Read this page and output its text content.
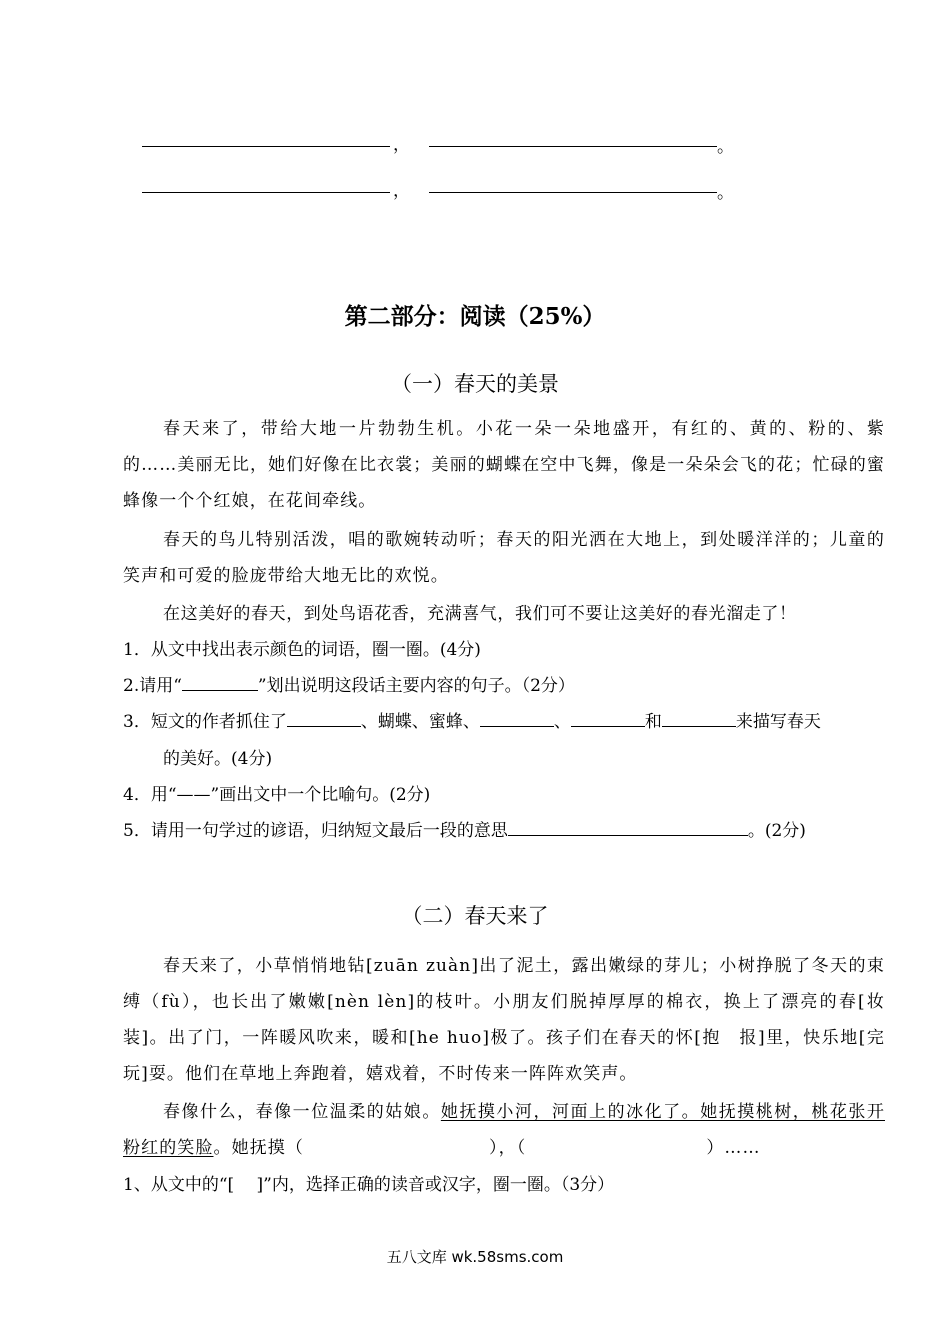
，	。
，	。
第二部分：阅读（25%）
（一）春天的美景

春天来了，带给大地一片勃勃生机。小花一朵一朵地盛开，有红的、黄的、粉的、紫的……美丽无比，她们好像在比衣裳；美丽的蝴蝶在空中飞舞，像是一朵朵会飞的花；忙碌的蜜蜂像一个个红娘，在花间牵线。

春天的鸟儿特别活泼，唱的歌婉转动听；春天的阳光洒在大地上，到处暖洋洋的；儿童的笑声和可爱的脸庞带给大地无比的欢悦。

在这美好的春天，到处鸟语花香，充满喜气，我们可不要让这美好的春光溜走了！

1．从文中找出表示颜色的词语，圈一圈。(4分)

2.请用“	”划出说明这段话主要内容的句子。（2分）

3．短文的作者抓住了	、蝴蝶、蜜蜂、	、	和	来描写春天

的美好。(4分)

4．用“——”画出文中一个比喻句。(2分)

5．请用一句学过的谚语，归纳短文最后一段的意思	。(2分)

（二）春天来了

春天来了，小草悄悄地钻[zuān zuàn]出了泥土，露出嫩绿的芽儿；小树挣脱了冬天的束缚（fù），也长出了嫩嫩[nèn lèn]的枝叶。小朋友们脱掉厚厚的棉衣，换上了漂亮的春[妆　装]。出了门，一阵暖风吹来，暖和[he huo]极了。孩子们在春天的怀[抱　报]里，快乐地[完　玩]耍。他们在草地上奔跑着，嬉戏着，不时传来一阵阵欢笑声。

春像什么，春像一位温柔的姑娘。她抚摸小河，河面上的冰化了。她抚摸桃树，桃花张开粉红的笑脸。她抚摸（	），（	）……

1、从文中的“[　 ]”内，选择正确的读音或汉字，圈一圈。（3分）

五八文库 wk.58sms.com
